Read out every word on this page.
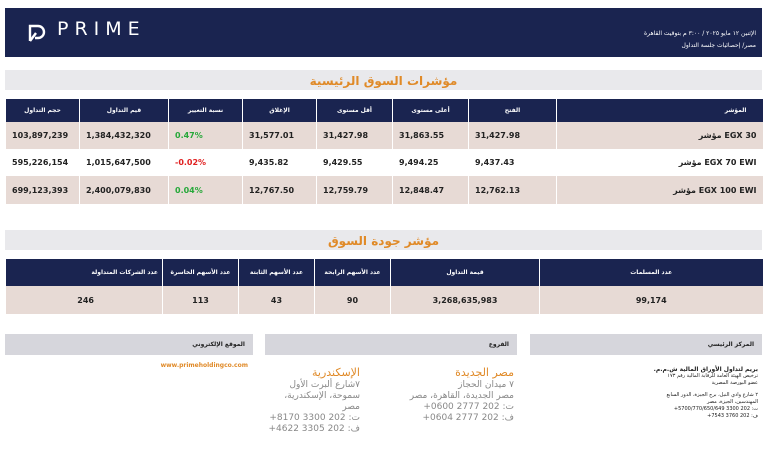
PRIME	الإثنين ١٢ مايو ٢٠٢٥ / ٣:٠٠ م بتوقيت القاهرة
مصر/ إحصائيات جلسة التداول
مؤشرات السوق الرئيسية
حجم التداول	قيم التداول	نسبة التغيير	الإغلاق	أقل مستوى	أعلى مستوى	الفتح	المؤشر
103,897,239	1,384,432,320	0.47%	31,577.01	31,427.98	31,863.55	31,427.98	مؤشر EGX 30
595,226,154	1,015,647,500	-0.02%	9,435.82	9,429.55	9,494.25	9,437.43	مؤشر EGX 70 EWI
699,123,393	2,400,079,830	0.04%	12,767.50	12,759.79	12,848.47	12,762.13	مؤشر EGX 100 EWI
مؤشر جودة السوق
عدد الشركات المتداولة	عدد الأسهم الخاسرة	عدد الأسهم الثابتة	عدد الأسهم الرابحة	قيمة التداول	عدد المسلمات
246	113	43	90	3,268,635,983	99,174
الموقع الإلكتروني	الفروع	المركز الرئيسي
www.primeholdingco.com
الإسكندرية
٧شارع ألبرت الأول
سموحة، الإسكندرية، مصر
ت: 202 3300 8170+
ف: 202 3305 4622+
مصر الجديدة
٧ ميدان الحجاز
مصر الجديدة، القاهرة، مصر
ت: 202 2777 0600+
ف: 202 2777 0604+
بريم لتداول الأوراق المالية ش.م.م.
ترخيص الهيئة العامة للرقابة المالية رقم ١٧٣
عضو البورصة المصرية
٢ شارع وادي النيل، برج الجيزة، الدور السابع
المهندسين، الجيزة، مصر
ت: 202 3300 5700/770/650/649+
ف: 202 3760 7543+
